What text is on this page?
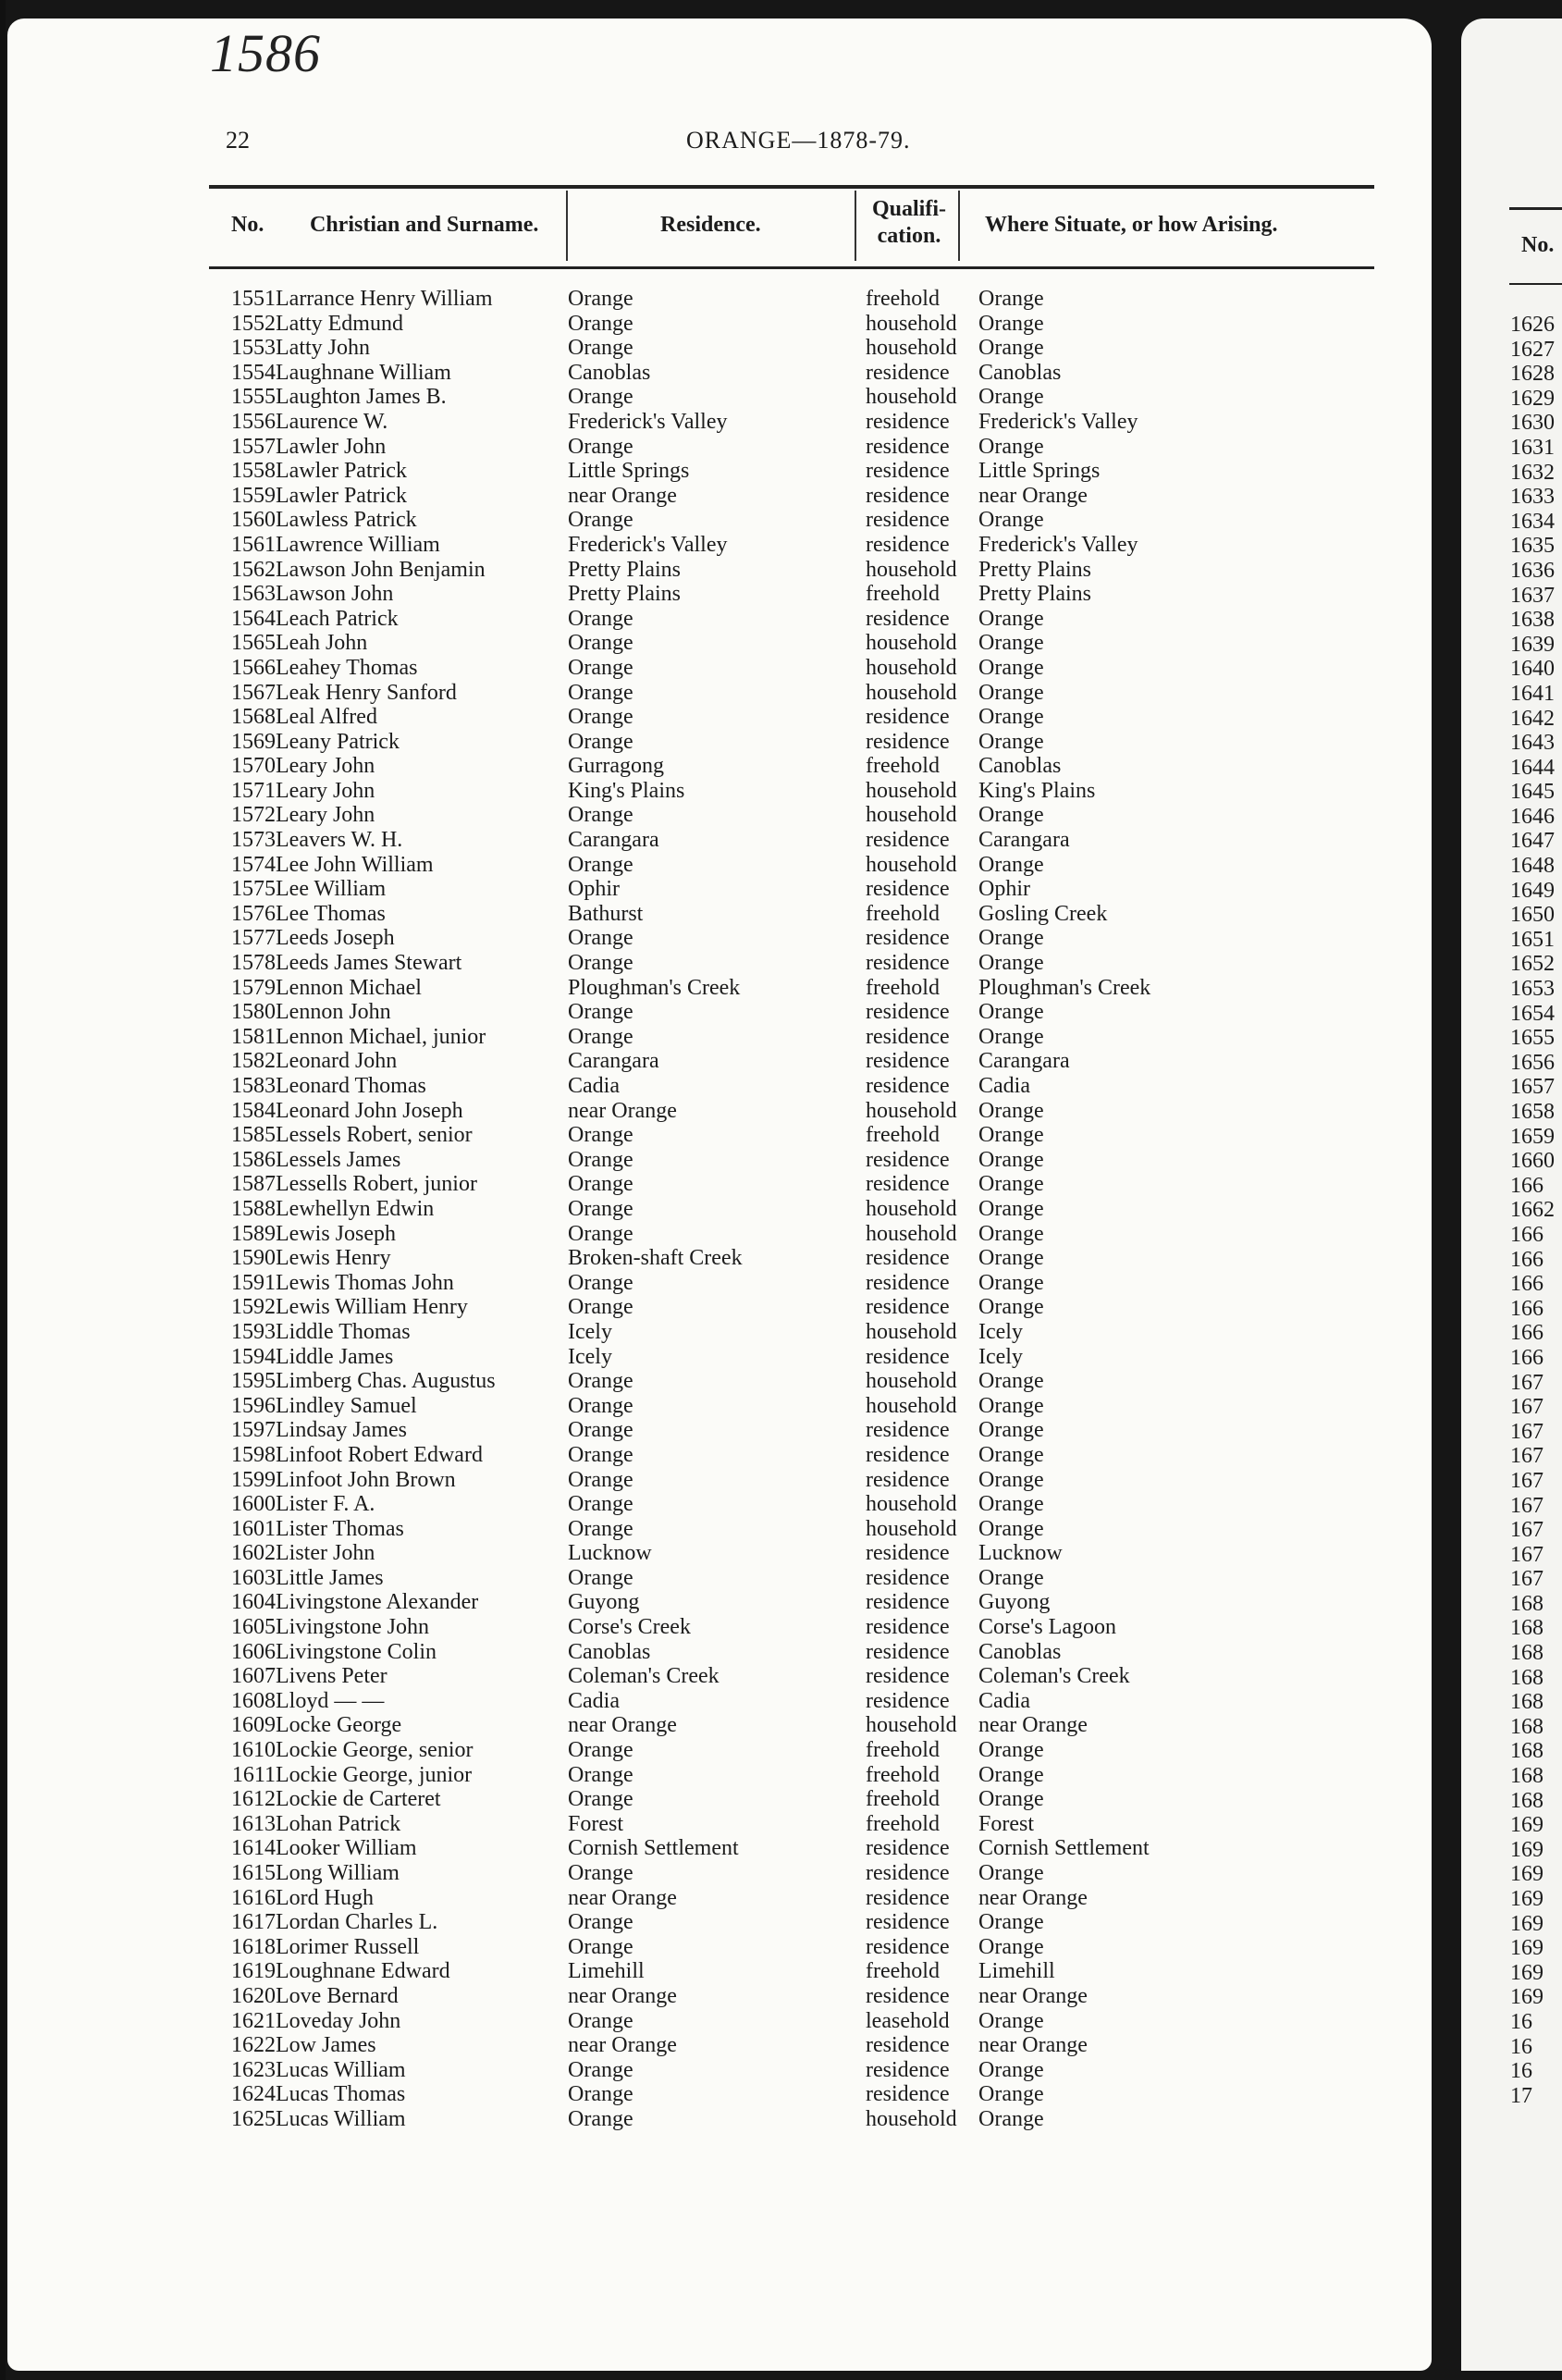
1586
22	ORANGE—1878-79.
No. Christian and Surname.	Residence.
Qualifi-
cation.	Where Situate, or how Arising.
1551 Larrance Henry William	Orange	freehold Orange
1552 Latty Edmund	Orange	household Orange
1553 Latty John	Orange	household Orange
1554 Laughnane William	Canoblas	residence Canoblas
1555 Laughton James B.	Orange	household Orange
1556 Laurence W.	Frederick's Valley	residence Frederick's Valley
1557 Lawler John	Orange	residence Orange
1558 Lawler Patrick	Little Springs	residence Little Springs
1559 Lawler Patrick	near Orange	residence near Orange
1560 Lawless Patrick	Orange	residence Orange
1561 Lawrence William	Frederick's Valley	residence Frederick's Valley
1562 Lawson John Benjamin	Pretty Plains	household Pretty Plains
1563 Lawson John	Pretty Plains	freehold Pretty Plains
1564 Leach Patrick	Orange	residence Orange
1565 Leah John	Orange	household Orange
1566 Leahey Thomas	Orange	household Orange
1567 Leak Henry Sanford	Orange	household Orange
1568 Leal Alfred	Orange	residence Orange
1569 Leany Patrick	Orange	residence Orange
1570 Leary John	Gurragong	freehold Canoblas
1571 Leary John	King's Plains	household King's Plains
1572 Leary John	Orange	household Orange
1573 Leavers W. H.	Carangara	residence Carangara
1574 Lee John William	Orange	household Orange
1575 Lee William	Ophir	residence Ophir
1576 Lee Thomas	Bathurst	freehold Gosling Creek
1577 Leeds Joseph	Orange	residence Orange
1578 Leeds James Stewart	Orange	residence Orange
1579 Lennon Michael	Ploughman's Creek	freehold Ploughman's Creek
1580 Lennon John	Orange	residence Orange
1581 Lennon Michael, junior	Orange	residence Orange
1582 Leonard John	Carangara	residence Carangara
1583 Leonard Thomas	Cadia	residence Cadia
1584 Leonard John Joseph	near Orange	household Orange
1585 Lessels Robert, senior	Orange	freehold Orange
1586 Lessels James	Orange	residence Orange
1587 Lessells Robert, junior	Orange	residence Orange
1588 Lewhellyn Edwin	Orange	household Orange
1589 Lewis Joseph	Orange	household Orange
1590 Lewis Henry	Broken-shaft Creek	residence Orange
1591 Lewis Thomas John	Orange	residence Orange
1592 Lewis William Henry	Orange	residence Orange
1593 Liddle Thomas	Icely	household Icely
1594 Liddle James	Icely	residence Icely
1595 Limberg Chas. Augustus	Orange	household Orange
1596 Lindley Samuel	Orange	household Orange
1597 Lindsay James	Orange	residence Orange
1598 Linfoot Robert Edward	Orange	residence Orange
1599 Linfoot John Brown	Orange	residence Orange
1600 Lister F. A.	Orange	household Orange
1601 Lister Thomas	Orange	household Orange
1602 Lister John	Lucknow	residence Lucknow
1603 Little James	Orange	residence Orange
1604 Livingstone Alexander	Guyong	residence Guyong
1605 Livingstone John	Corse's Creek	residence Corse's Lagoon
1606 Livingstone Colin	Canoblas	residence Canoblas
1607 Livens Peter	Coleman's Creek	residence Coleman's Creek
1608 Lloyd — —	Cadia	residence Cadia
1609 Locke George	near Orange	household near Orange
1610 Lockie George, senior	Orange	freehold Orange
1611 Lockie George, junior	Orange	freehold Orange
1612 Lockie de Carteret	Orange	freehold Orange
1613 Lohan Patrick	Forest	freehold Forest
1614 Looker William	Cornish Settlement	residence Cornish Settlement
1615 Long William	Orange	residence Orange
1616 Lord Hugh	near Orange	residence near Orange
1617 Lordan Charles L.	Orange	residence Orange
1618 Lorimer Russell	Orange	residence Orange
1619 Loughnane Edward	Limehill	freehold Limehill
1620 Love Bernard	near Orange	residence near Orange
1621 Loveday John	Orange	leasehold Orange
1622 Low James	near Orange	residence near Orange
1623 Lucas William	Orange	residence Orange
1624 Lucas Thomas	Orange	residence Orange
1625 Lucas William	Orange	household Orange
No.
1626
1627
1628
1629
1630
1631
1632
1633
1634
1635
1636
1637
1638
1639
1640
1641
1642
1643
1644
1645
1646
1647
1648
1649
1650
1651
1652
1653
1654
1655
1656
1657
1658
1659
1660
166
1662
166
166
166
166
166
166
167
167
167
167
167
167
167
167
167
168
168
168
168
168
168
168
168
168
169
169
169
169
169
169
169
169
16
16
16
17
